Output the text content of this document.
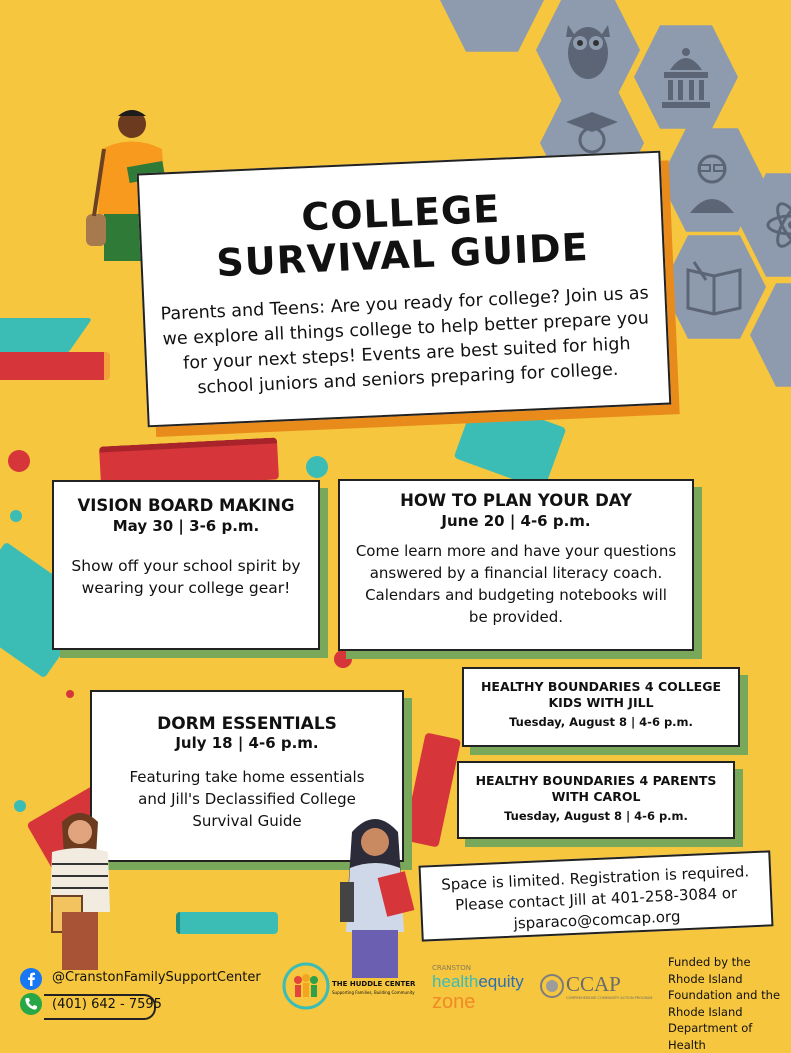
COLLEGE
SURVIVAL GUIDE
Parents and Teens: Are you ready for college? Join us as we explore all things college to help better prepare you for your next steps! Events are best suited for high school juniors and seniors preparing for college.
VISION BOARD MAKING
May 30 | 3-6 p.m.
Show off your school spirit by wearing your college gear!
HOW TO PLAN YOUR DAY
June 20 | 4-6 p.m.
Come learn more and have your questions answered by a financial literacy coach. Calendars and budgeting notebooks will be provided.
DORM ESSENTIALS
July 18 | 4-6 p.m.
Featuring take home essentials and Jill's Declassified College Survival Guide
HEALTHY BOUNDARIES 4 COLLEGE KIDS WITH JILL
Tuesday, August 8 | 4-6 p.m.
HEALTHY BOUNDARIES 4 PARENTS WITH CAROL
Tuesday, August 8 | 4-6 p.m.
Space is limited. Registration is required. Please contact Jill at 401-258-3084 or jsparaco@comcap.org
@CranstonFamilySupportCenter
(401) 642 - 7595
THE HUDDLE CENTER
Supporting Families, Building Community
CRANSTON
healthequity
zone
CCAP
COMPREHENSIVE COMMUNITY ACTION PROGRAM
Funded by the Rhode Island Foundation and the Rhode Island Department of Health
